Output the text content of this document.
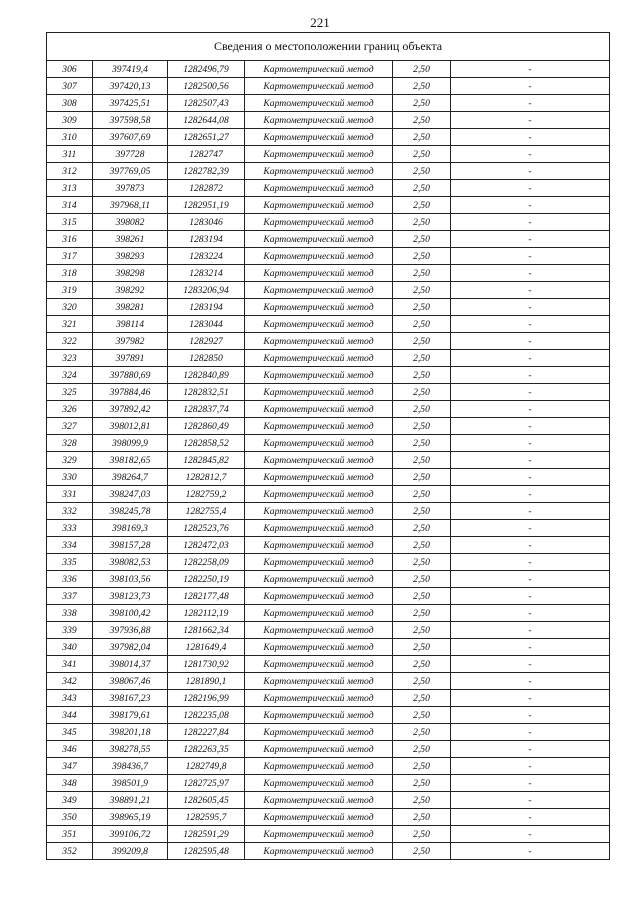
221
Сведения о местоположении границ объекта					
306	397419,4	1282496,79	Картометрический метод	2,50	-
307	397420,13	1282500,56	Картометрический метод	2,50	-
308	397425,51	1282507,43	Картометрический метод	2,50	-
309	397598,58	1282644,08	Картометрический метод	2,50	-
310	397607,69	1282651,27	Картометрический метод	2,50	-
311	397728	1282747	Картометрический метод	2,50	-
312	397769,05	1282782,39	Картометрический метод	2,50	-
313	397873	1282872	Картометрический метод	2,50	-
314	397968,11	1282951,19	Картометрический метод	2,50	-
315	398082	1283046	Картометрический метод	2,50	-
316	398261	1283194	Картометрический метод	2,50	-
317	398293	1283224	Картометрический метод	2,50	-
318	398298	1283214	Картометрический метод	2,50	-
319	398292	1283206,94	Картометрический метод	2,50	-
320	398281	1283194	Картометрический метод	2,50	-
321	398114	1283044	Картометрический метод	2,50	-
322	397982	1282927	Картометрический метод	2,50	-
323	397891	1282850	Картометрический метод	2,50	-
324	397880,69	1282840,89	Картометрический метод	2,50	-
325	397884,46	1282832,51	Картометрический метод	2,50	-
326	397892,42	1282837,74	Картометрический метод	2,50	-
327	398012,81	1282860,49	Картометрический метод	2,50	-
328	398099,9	1282858,52	Картометрический метод	2,50	-
329	398182,65	1282845,82	Картометрический метод	2,50	-
330	398264,7	1282812,7	Картометрический метод	2,50	-
331	398247,03	1282759,2	Картометрический метод	2,50	-
332	398245,78	1282755,4	Картометрический метод	2,50	-
333	398169,3	1282523,76	Картометрический метод	2,50	-
334	398157,28	1282472,03	Картометрический метод	2,50	-
335	398082,53	1282258,09	Картометрический метод	2,50	-
336	398103,56	1282250,19	Картометрический метод	2,50	-
337	398123,73	1282177,48	Картометрический метод	2,50	-
338	398100,42	1282112,19	Картометрический метод	2,50	-
339	397936,88	1281662,34	Картометрический метод	2,50	-
340	397982,04	1281649,4	Картометрический метод	2,50	-
341	398014,37	1281730,92	Картометрический метод	2,50	-
342	398067,46	1281890,1	Картометрический метод	2,50	-
343	398167,23	1282196,99	Картометрический метод	2,50	-
344	398179,61	1282235,08	Картометрический метод	2,50	-
345	398201,18	1282227,84	Картометрический метод	2,50	-
346	398278,55	1282263,35	Картометрический метод	2,50	-
347	398436,7	1282749,8	Картометрический метод	2,50	-
348	398501,9	1282725,97	Картометрический метод	2,50	-
349	398891,21	1282605,45	Картометрический метод	2,50	-
350	398965,19	1282595,7	Картометрический метод	2,50	-
351	399106,72	1282591,29	Картометрический метод	2,50	-
352	399209,8	1282595,48	Картометрический метод	2,50	-
